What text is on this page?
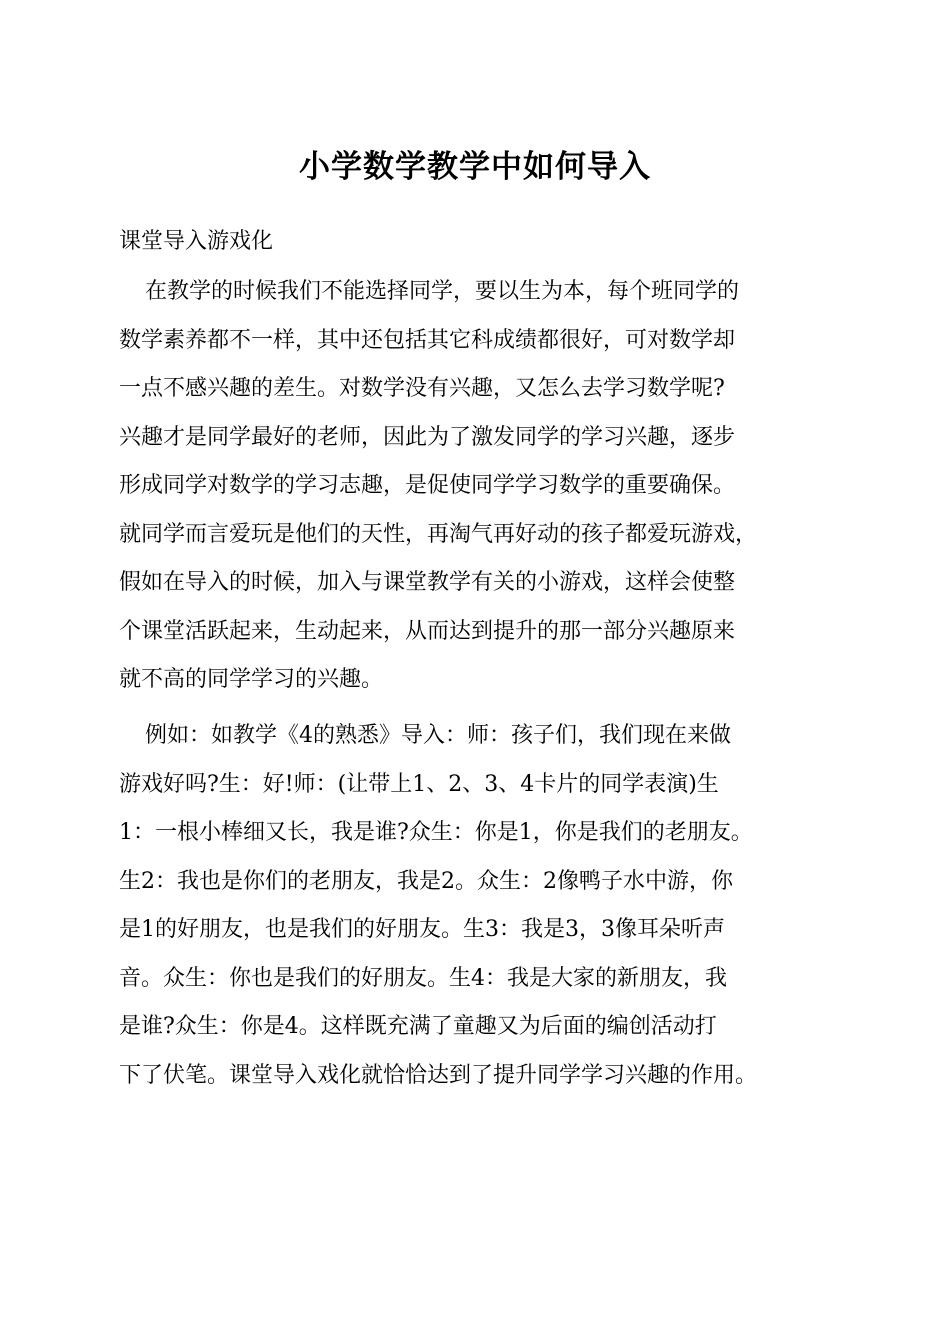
小学数学教学中如何导入

课堂导入游戏化

在教学的时候我们不能选择同学，要以生为本，每个班同学的
数学素养都不一样，其中还包括其它科成绩都很好，可对数学却
一点不感兴趣的差生。对数学没有兴趣，又怎么去学习数学呢?
兴趣才是同学最好的老师，因此为了激发同学的学习兴趣，逐步
形成同学对数学的学习志趣，是促使同学学习数学的重要确保。
就同学而言爱玩是他们的天性，再淘气再好动的孩子都爱玩游戏，
假如在导入的时候，加入与课堂教学有关的小游戏，这样会使整
个课堂活跃起来，生动起来，从而达到提升的那一部分兴趣原来
就不高的同学学习的兴趣。
例如：如教学《4的熟悉》导入：师：孩子们，我们现在来做
游戏好吗?生：好!师：(让带上1、2、3、4卡片的同学表演)生
1：一根小棒细又长，我是谁?众生：你是1，你是我们的老朋友。
生2：我也是你们的老朋友，我是2。众生：2像鸭子水中游，你
是1的好朋友，也是我们的好朋友。生3：我是3，3像耳朵听声
音。众生：你也是我们的好朋友。生4：我是大家的新朋友，我
是谁?众生：你是4。这样既充满了童趣又为后面的编创活动打
下了伏笔。课堂导入戏化就恰恰达到了提升同学学习兴趣的作用。
